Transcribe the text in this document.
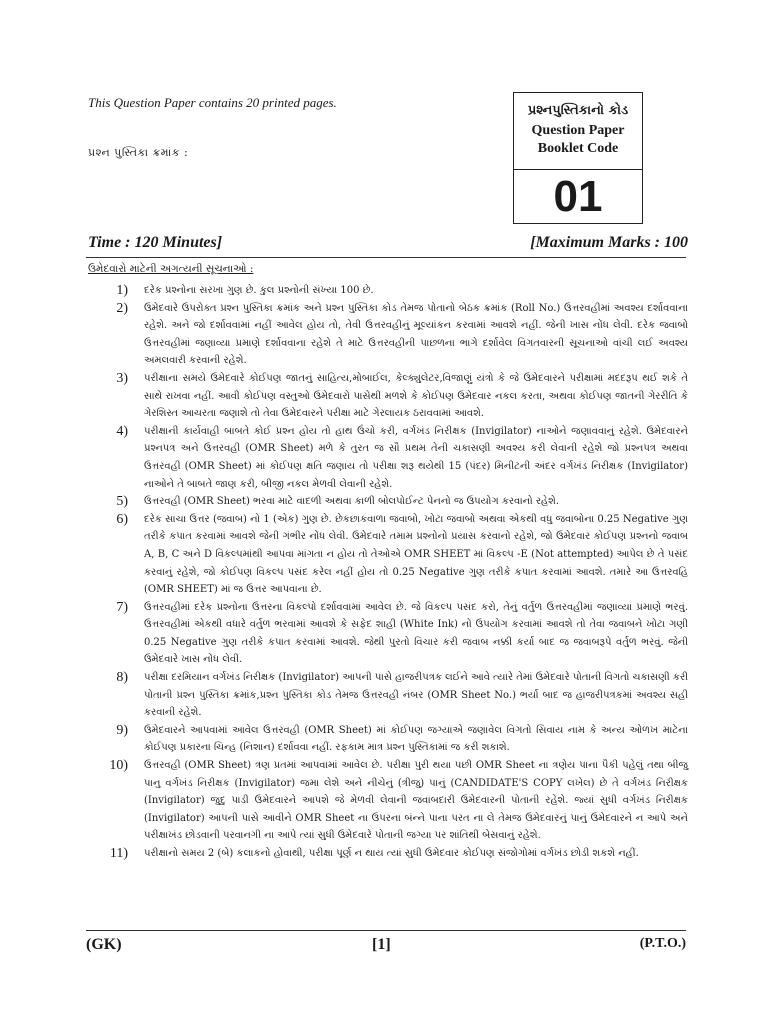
This Question Paper contains 20 printed pages.
પ્રશ્ન પુસ્તિકા ક્રમાંક :
પ્રશ્નપુસ્તિકાનો કોડ
Question Paper
Booklet Code
01
Time : 120 Minutes]	[Maximum Marks : 100
ઉમેદવારો માટેની અગત્યની સૂચનાઓ :
1)	દરેક પ્રશ્નોના સરખા ગુણ છે. કુલ પ્રશ્નોની સંખ્યા 100 છે.
2)	ઉમેદવારે ઉપરોક્ત પ્રશ્ન પુસ્તિકા ક્રમાંક અને પ્રશ્ન પુસ્તિકા કોડ તેમજ પોતાનો બેઠક ક્રમાંક (Roll No.) ઉત્તરવહીમાં અવશ્ય દર્શાવવાના રહેશે. અને જો દર્શાવવામાં નહીં આવેલ હોય તો, તેવી ઉત્તરવહીનું મૂલ્યાંકન કરવામાં આવશે નહીં. જેની ખાસ નોંધ લેવી. દરેક જવાબો ઉત્તરવહીમાં જણાવ્યા પ્રમાણે દર્શાવવાના રહેશે તે માટે ઉત્તરવહીની પાછળના ભાગે દર્શાવેલ વિગતવારની સૂચનાઓ વાંચી લઈ અવશ્ય અમલવારી કરવાની રહેશે.
3)	પરીક્ષાના સમયે ઉમેદવારે કોઈપણ જાતનું સાહિત્ય,મોબાઈલ, કેલ્ક્યુલેટર,વિજાણું યંત્રો કે જે ઉમેદવારને પરીક્ષામાં મદદરૂપ થઈ શકે તે સાથે રાખવા નહીં. આવી કોઈપણ વસ્તુઓ ઉમેદવારો પાસેથી મળશે કે કોઈપણ ઉમેદવાર નકલ કરતા, અથવા કોઈપણ જાતની ગેરરીતિ કે ગેરશિસ્ત આચરતા જણાશે તો તેવા ઉમેદવારને પરીક્ષા માટે ગેરલાયક ઠરાવવામાં આવશે.
4)	પરીક્ષાની કાર્યવાહી બાબતે કોઈ પ્રશ્ન હોય તો હાથ ઉંચો કરી, વર્ગખંડ નિરીક્ષક (Invigilator) નાઓને જણાવવાનું રહેશે. ઉમેદવારને પ્રશ્નપત્ર અને ઉત્તરવહી (OMR Sheet) મળે કે તુરત જ સૌ પ્રથમ તેની ચકાસણી અવશ્ય કરી લેવાની રહેશે જો પ્રશ્નપત્ર અથવા ઉત્તરવહી (OMR Sheet) માં કોઈપણ ક્ષતિ જણાય તો પરીક્ષા શરૂ થયેથી 15 (પંદર) મિનીટની અંદર વર્ગખંડ નિરીક્ષક (Invigilator) નાઓને તે બાબતે જાણ કરી, બીજી નકલ મેળવી લેવાની રહેશે.
5)	ઉત્તરવહી (OMR Sheet) ભરવા માટે વાદળી અથવા કાળી બોલપોઈન્ટ પેનનો જ ઉપયોગ કરવાનો રહેશે.
6)	દરેક સાચા ઉત્તર (જવાબ) નો 1 (એક) ગુણ છે. છેકછાકવાળા જવાબો, ખોટા જવાબો અથવા એકથી વધુ જવાબોના 0.25 Negative ગુણ તરીકે કપાત કરવામાં આવશે જેની ગંભીર નોંધ લેવી. ઉમેદવારે તમામ પ્રશ્નોનો પ્રયાસ કરવાનો રહેશે, જો ઉમેદવાર કોઈપણ પ્રશ્નનો જવાબ A, B, C અને D વિકલ્પમાંથી આપવા માંગતા ન હોય તો તેઓએ OMR SHEET માં વિકલ્પ -E (Not attempted) આપેલ છે તે પસંદ કરવાનું રહેશે, જો કોઈપણ વિકલ્પ પસંદ કરેલ નહીં હોય તો 0.25 Negative ગુણ તરીકે કપાત કરવામાં આવશે. તમારે આ ઉત્તરવહિ (OMR SHEET) માં જ ઉત્તર આપવાના છે.
7)	ઉત્તરવહીમાં દરેક પ્રશ્નોના ઉત્તરના વિકલ્પો દર્શાવવામાં આવેલ છે. જે વિકલ્પ પસંદ કરો, તેનું વર્તુળ ઉત્તરવહીમાં જણાવ્યા પ્રમાણે ભરવું. ઉત્તરવહીમાં એકથી વધારે વર્તુળ ભરવામાં આવશે કે સફેદ શાહી (White Ink) નો ઉપયોગ કરવામાં આવશે તો તેવા જવાબને ખોટા ગણી 0.25 Negative ગુણ તરીકે કપાત કરવામાં આવશે. જેથી પુરતો વિચાર કરી જવાબ નક્કી કર્યા બાદ જ જવાબરૂપે વર્તુળ ભરવું. જેની ઉમેદવારે ખાસ નોંધ લેવી.
8)	પરીક્ષા દરમિયાન વર્ગખંડ નિરીક્ષક (Invigilator) આપની પાસે હાજરીપત્રક લઈને આવે ત્યારે તેમાં ઉમેદવારે પોતાની વિગતો ચકાસણી કરી પોતાની પ્રશ્ન પુસ્તિકા ક્રમાંક,પ્રશ્ન પુસ્તિકા કોડ તેમજ ઉત્તરવહી નંબર (OMR Sheet No.) ભર્યા બાદ જ હાજરીપત્રકમાં અવશ્ય સહી કરવાની રહેશે.
9)	ઉમેદવારને આપવામાં આવેલ ઉત્તરવહી (OMR Sheet) માં કોઈપણ જગ્યાએ જણાવેલ વિગતો સિવાય નામ કે અન્ય ઓળખ માટેના કોઈપણ પ્રકારના ચિન્હ (નિશાન) દર્શાવવા નહીં. રફકામ માત્ર પ્રશ્ન પુસ્તિકામાં જ કરી શકાશે.
10)	ઉત્તરવહી (OMR Sheet) ત્રણ પ્રતમાં આપવામાં આવેલ છે. પરીક્ષા પુરી થયા પછી OMR Sheet ના ત્રણેય પાના પૈકી પહેલું તથા બીજુ પાનુ વર્ગખંડ નિરીક્ષક (Invigilator) જમા લેશે અને નીચેનું (ત્રીજુ) પાનું (CANDIDATE'S COPY લખેલ) છે તે વર્ગખંડ નિરીક્ષક (Invigilator) જુદુ પાડી ઉમેદવારને આપશે જે મેળવી લેવાની જવાબદારી ઉમેદવારની પોતાની રહેશે. જ્યાં સુધી વર્ગખંડ નિરીક્ષક (Invigilator) આપની પાસે આવીને OMR Sheet ના ઉપરના બંન્ને પાના પરત ના લે તેમજ ઉમેદવારનું પાનું ઉમેદવારને ન આપે અને પરીક્ષાખંડ છોડવાની પરવાનગી ના આપે ત્યાં સુધી ઉમેદવારે પોતાની જગ્યા પર શાંતિથી બેસવાનું રહેશે.
11)	પરીક્ષાનો સમય 2 (બે) કલાકનો હોવાથી, પરીક્ષા પૂર્ણ ન થાય ત્યાં સુધી ઉમેદવાર કોઈપણ સંજોગોમાં વર્ગખંડ છોડી શકશે નહીં.
(GK)	[1]	(P.T.O.)
